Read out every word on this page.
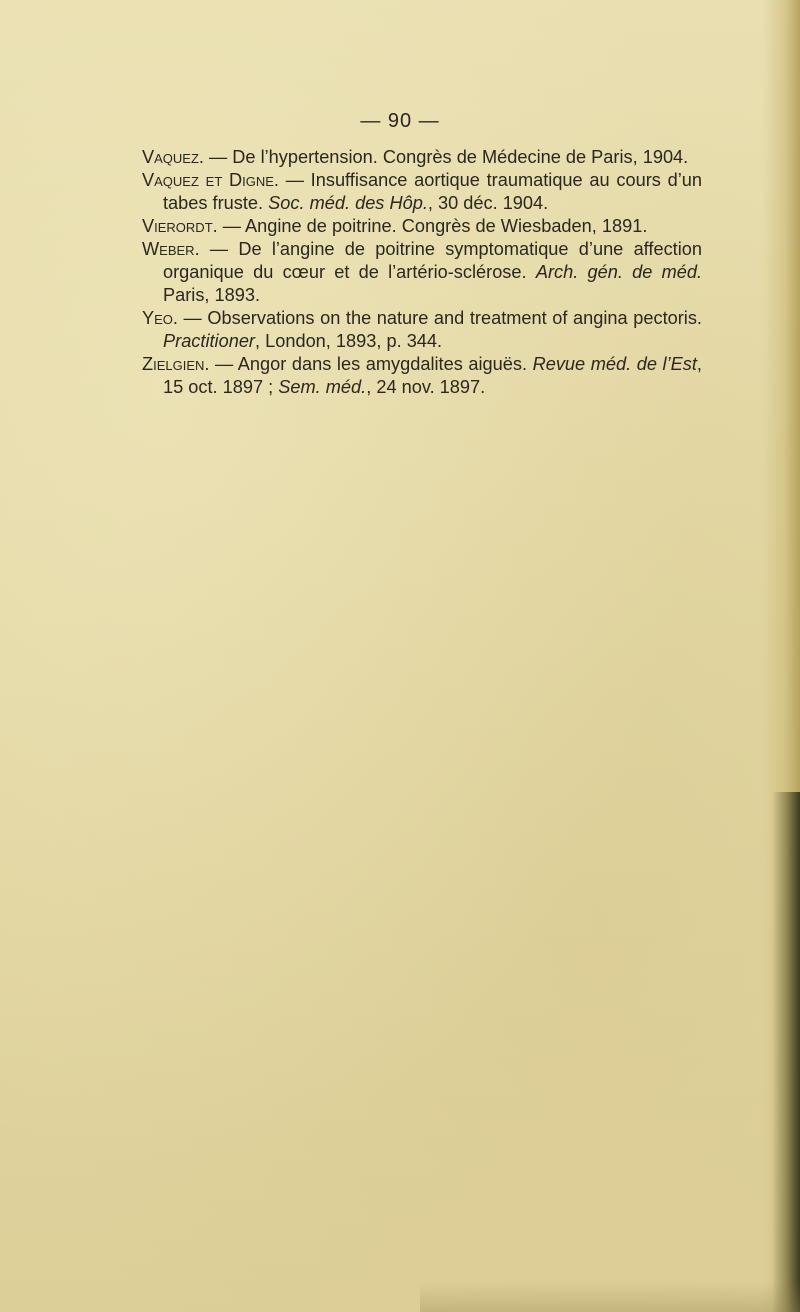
— 90 —
Vaquez. — De l’hypertension. Congrès de Médecine de Paris, 1904.
Vaquez et Digne. — Insuffisance aortique traumatique au cours d’un tabes fruste. Soc. méd. des Hôp., 30 déc. 1904.
Vierordt. — Angine de poitrine. Congrès de Wiesbaden, 1891.
Weber. — De l’angine de poitrine symptomatique d’une affection organique du cœur et de l’artério-sclérose. Arch. gén. de méd. Paris, 1893.
Yeo. — Observations on the nature and treatment of angina pectoris. Practitioner, London, 1893, p. 344.
Zielgien. — Angor dans les amygdalites aiguës. Revue méd. de l’Est, 15 oct. 1897 ; Sem. méd., 24 nov. 1897.
